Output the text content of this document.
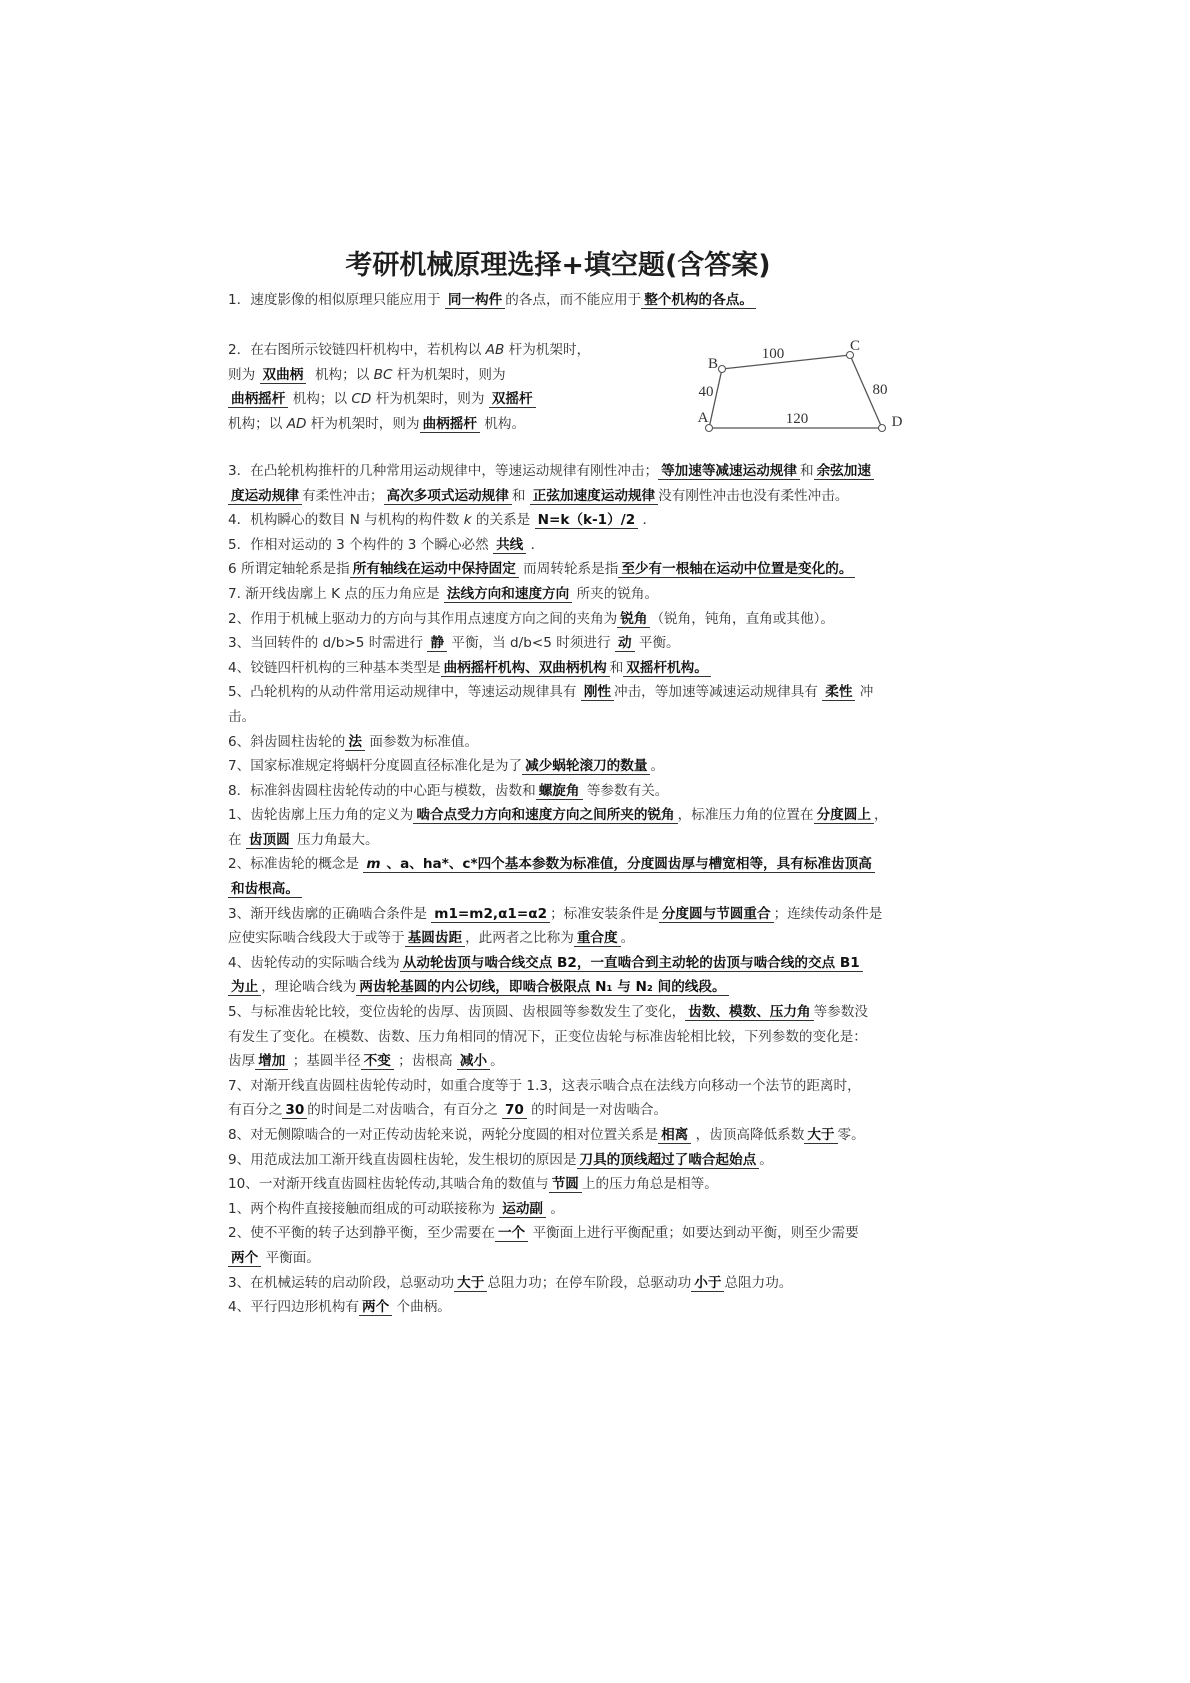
考研机械原理选择+填空题(含答案)
1．速度影像的相似原理只能应用于 同一构件 的各点，而不能应用于 整个机构的各点。
2．在右图所示铰链四杆机构中，若机构以 AB 杆为机架时，
则为 双曲柄  机构；以 BC 杆为机架时，则为
曲柄摇杆 机构；以 CD 杆为机架时，则为 双摇杆
机构；以 AD 杆为机架时，则为 曲柄摇杆 机构。
3．在凸轮机构推杆的几种常用运动规律中，等速运动规律有刚性冲击； 等加速等减速运动规律 和 余弦加速
度运动规律 有柔性冲击； 高次多项式运动规律 和 正弦加速度运动规律 没有刚性冲击也没有柔性冲击。
4．机构瞬心的数目 N 与机构的构件数 k 的关系是 N=k（k-1）/2 ．
5．作相对运动的 3 个构件的 3 个瞬心必然 共线 ．
6 所谓定轴轮系是指 所有轴线在运动中保持固定 而周转轮系是指 至少有一根轴在运动中位置是变化的。
7. 渐开线齿廓上 K 点的压力角应是 法线方向和速度方向 所夹的锐角。
2、作用于机械上驱动力的方向与其作用点速度方向之间的夹角为 锐角 （锐角，钝角，直角或其他）。
3、当回转件的 d/b>5 时需进行 静 平衡，当 d/b<5 时须进行 动 平衡。
4、铰链四杆机构的三种基本类型是 曲柄摇杆机构、双曲柄机构 和 双摇杆机构。
5、凸轮机构的从动件常用运动规律中，等速运动规律具有 刚性 冲击，等加速等减速运动规律具有 柔性 冲
击。
6、斜齿圆柱齿轮的 法 面参数为标准值。
7、国家标准规定将蜗杆分度圆直径标准化是为了 减少蜗轮滚刀的数量 。
8．标准斜齿圆柱齿轮传动的中心距与模数，齿数和 螺旋角 等参数有关。
1、齿轮齿廓上压力角的定义为 啮合点受力方向和速度方向之间所夹的锐角 ，标准压力角的位置在 分度圆上 ，
在 齿顶圆 压力角最大。
2、标准齿轮的概念是 m 、a、ha*、c*四个基本参数为标准值，分度圆齿厚与槽宽相等，具有标准齿顶高
和齿根高。
3、渐开线齿廓的正确啮合条件是 m1=m2,α1=α2 ；标准安装条件是 分度圆与节圆重合 ；连续传动条件是
应使实际啮合线段大于或等于 基圆齿距 ，此两者之比称为 重合度 。
4、齿轮传动的实际啮合线为 从动轮齿顶与啮合线交点 B2，一直啮合到主动轮的齿顶与啮合线的交点 B1
为止 ，理论啮合线为 两齿轮基圆的内公切线，即啮合极限点 N₁ 与 N₂ 间的线段。
5、与标准齿轮比较，变位齿轮的齿厚、齿顶圆、齿根圆等参数发生了变化， 齿数、模数、压力角 等参数没
有发生了变化。在模数、齿数、压力角相同的情况下，正变位齿轮与标准齿轮相比较，下列参数的变化是：
齿厚 增加 ；基圆半径 不变 ；齿根高 减小 。
7、对渐开线直齿圆柱齿轮传动时，如重合度等于 1.3，这表示啮合点在法线方向移动一个法节的距离时，
有百分之 30 的时间是二对齿啮合，有百分之 70 的时间是一对齿啮合。
8、对无侧隙啮合的一对正传动齿轮来说，两轮分度圆的相对位置关系是 相离 ，齿顶高降低系数 大于 零。
9、用范成法加工渐开线直齿圆柱齿轮，发生根切的原因是 刀具的顶线超过了啮合起始点 。
10、一对渐开线直齿圆柱齿轮传动,其啮合角的数值与 节圆 上的压力角总是相等。
1、两个构件直接接触而组成的可动联接称为 运动副 。
2、使不平衡的转子达到静平衡，至少需要在 一个 平衡面上进行平衡配重；如要达到动平衡，则至少需要
两个 平衡面。
3、在机械运转的启动阶段，总驱动功 大于 总阻力功；在停车阶段，总驱动功 小于 总阻力功。
4、平行四边形机构有 两个 个曲柄。
A
B
C
D
100
40	80
120
